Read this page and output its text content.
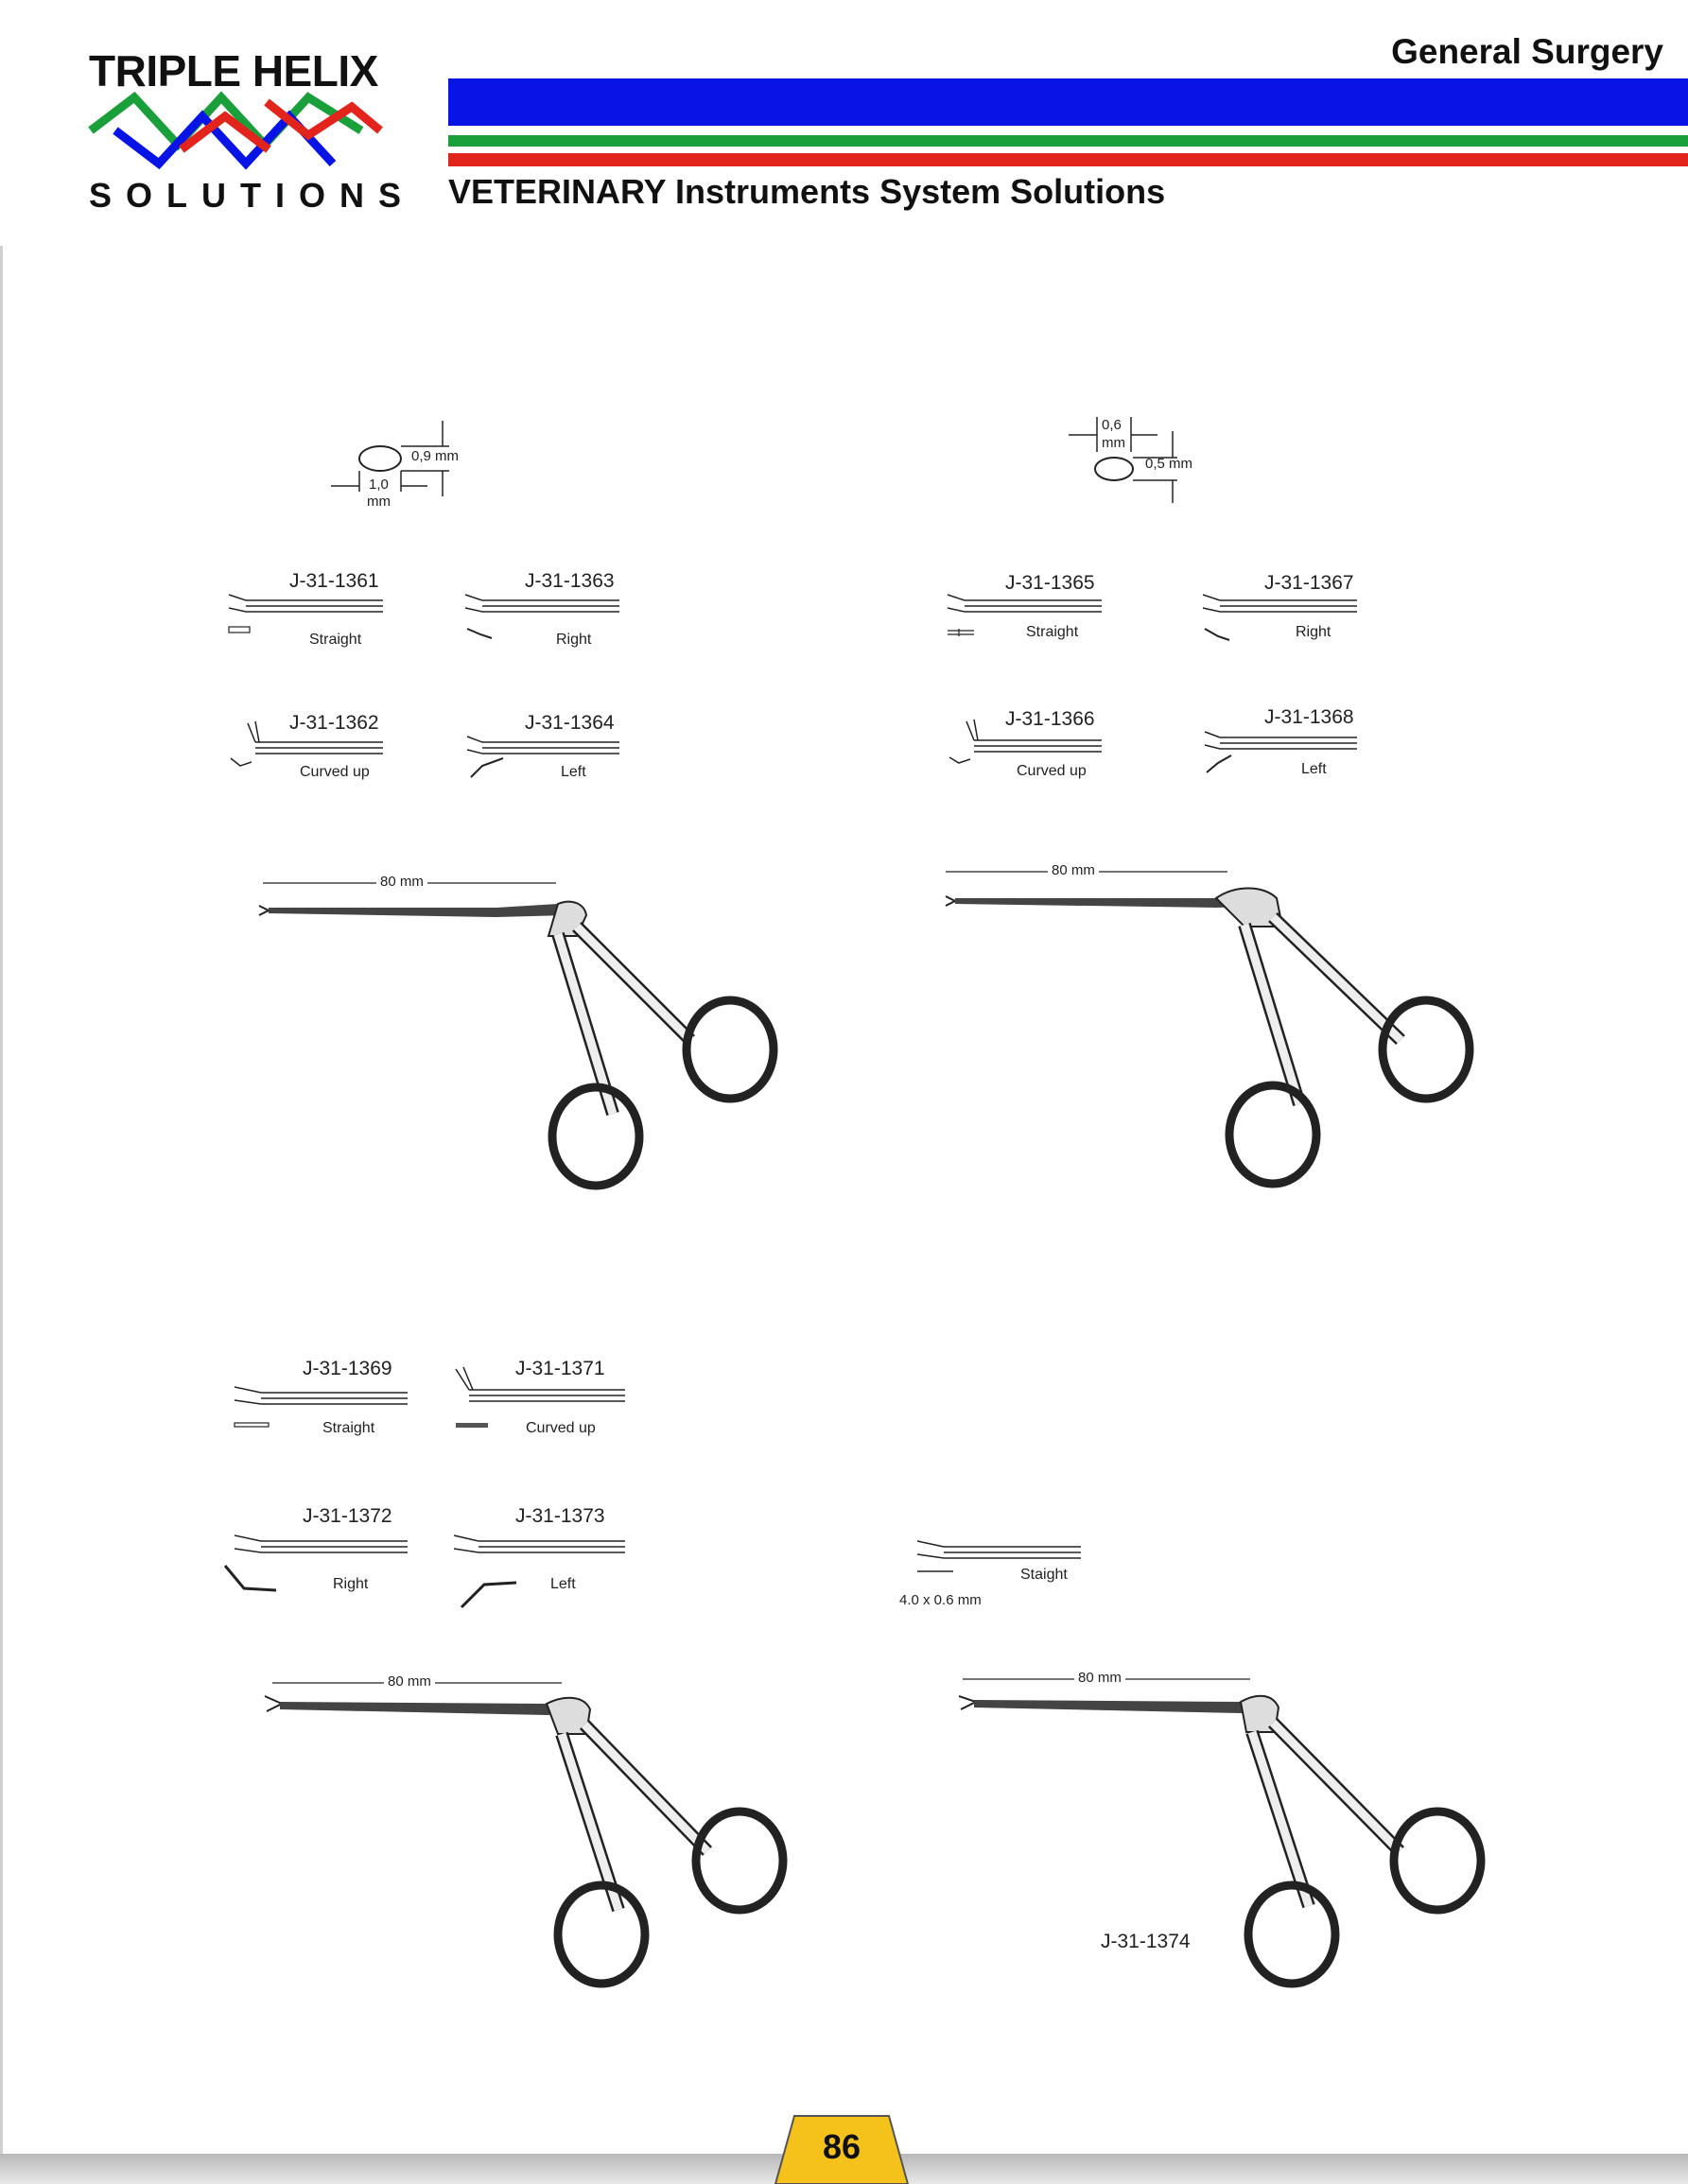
TRIPLE HELIX
SOLUTIONS
General Surgery
VETERINARY Instruments System Solutions
0,9 mm
1,0
mm
J-31-1361
Straight
J-31-1363
Right
J-31-1362
Curved up
J-31-1364
Left
80 mm
0,6
mm
0,5 mm
J-31-1365
Straight
J-31-1367
Right
J-31-1366
Curved up
J-31-1368
Left
80 mm
J-31-1369
Straight
J-31-1371
Curved up
J-31-1372
Right
J-31-1373
Left
80 mm
Staight
4.0 x 0.6 mm
80 mm
J-31-1374
86
